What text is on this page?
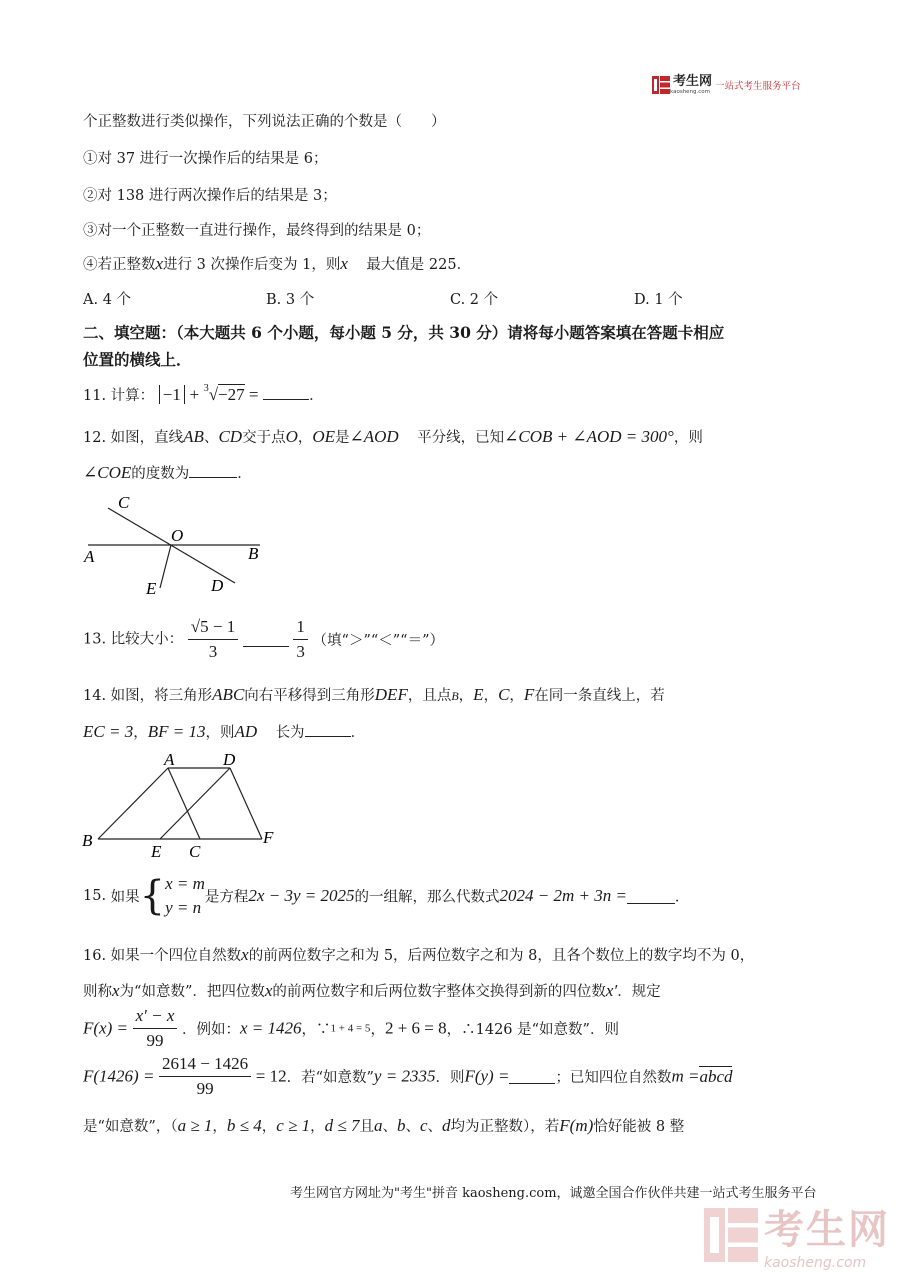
考生网
kaosheng.com
一站式考生服务平台
个正整数进行类似操作，下列说法正确的个数是（　　）
①对 37 进行一次操作后的结果是 6；
②对 138 进行两次操作后的结果是 3；
③对一个正整数一直进行操作，最终得到的结果是 0；
④若正整数x进行 3 次操作后变为 1，则x 最大值是 225．
A. 4 个	B. 3 个	C. 2 个	D. 1 个
二、填空题：（本大题共 6 个小题，每小题 5 分，共 30 分）请将每小题答案填在答题卡相应
位置的横线上．
11. 计算： −1 + $^3$√−27 =	．
12. 如图，直线AB、CD交于点O，OE是∠AOD 平分线，已知∠COB + ∠AOD = 300°，则
∠COE的度数为	．
C
O
A	B
E	D
13. 比较大小： $\frac{√5 - 1}{3}$
	$\frac{1}{3}$ （填“＞”“＜”“＝”）
14. 如图，将三角形ABC向右平移得到三角形DEF，且点B，E，C，F在同一条直线上，若
EC = 3，BF = 13，则AD 长为	．
A	D
B
E C
F
15. 如果{ x = m
y = n
是方程2x − 3y = 2025的一组解，那么代数式2024 − 2m + 3n =	．
16. 如果一个四位自然数x的前两位数字之和为 5，后两位数字之和为 8，且各个数位上的数字均不为 0，
则称x为“如意数”．把四位数x的前两位数字和后两位数字整体交换得到新的四位数x′．规定
$F(x) = \frac{x' - x}{99}$ ．例如：x = 1426，∵1 + 4 = 5，2 + 6 = 8，∴1426 是“如意数”．则
$F(1426) = \frac{2614 - 1426}{99} = 12$．若“如意数”y = 2335．则F(y) =	；已知四位自然数m =abcd
是“如意数”，（a ≥ 1，b ≤ 4，c ≥ 1，d ≤ 7且a、b、c、d均为正整数），若F(m)恰好能被 8 整
考生网官方网址为"考生"拼音 kaosheng.com，诚邀全国合作伙伴共建一站式考生服务平台
考生网
kaosheng.com
